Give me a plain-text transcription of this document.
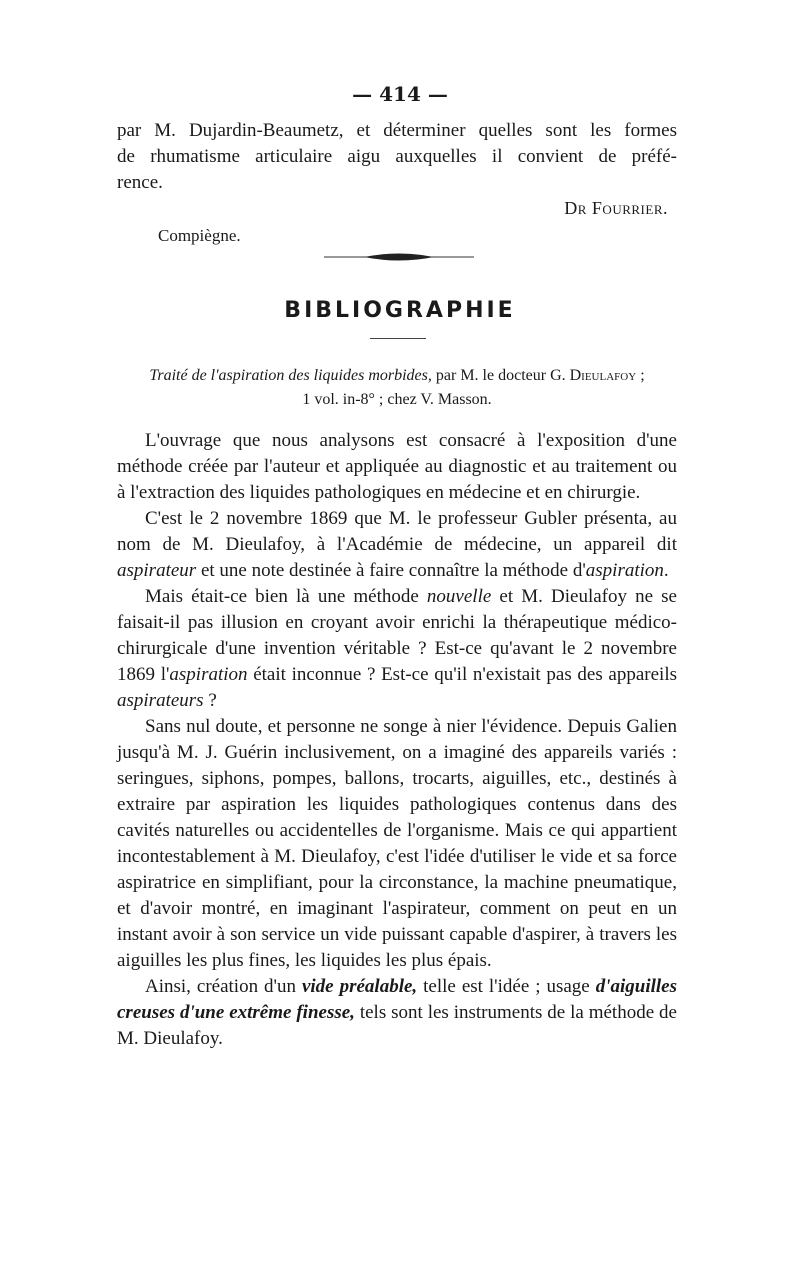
— 414 —

par M. Dujardin-Beaumetz, et déterminer quelles sont les formes

de rhumatisme articulaire aigu auxquelles il convient de préfé-

rence.

Dr Fourrier.
Compiègne.
BIBLIOGRAPHIE
Traité de l'aspiration des liquides morbides, par M. le docteur G. Dieulafoy ;
1 vol. in-8° ; chez V. Masson.

L'ouvrage que nous analysons est consacré à l'exposition d'une méthode créée par l'auteur et appliquée au diagnostic et au traitement ou à l'extraction des liquides pathologiques en médecine et en chirurgie.

C'est le 2 novembre 1869 que M. le professeur Gubler présenta, au nom de M. Dieulafoy, à l'Académie de médecine, un appareil dit aspirateur et une note destinée à faire connaître la méthode d'aspiration.

Mais était-ce bien là une méthode nouvelle et M. Dieulafoy ne se faisait-il pas illusion en croyant avoir enrichi la thérapeutique médico-chirurgicale d'une invention véritable ? Est-ce qu'avant le 2 novembre 1869 l'aspiration était inconnue ? Est-ce qu'il n'existait pas des appareils aspirateurs ?

Sans nul doute, et personne ne songe à nier l'évidence. Depuis Galien jusqu'à M. J. Guérin inclusivement, on a imaginé des appareils variés : seringues, siphons, pompes, ballons, trocarts, aiguilles, etc., destinés à extraire par aspiration les liquides pathologiques contenus dans des cavités naturelles ou accidentelles de l'organisme. Mais ce qui appartient incontestablement à M. Dieulafoy, c'est l'idée d'utiliser le vide et sa force aspiratrice en simplifiant, pour la circonstance, la machine pneumatique, et d'avoir montré, en imaginant l'aspirateur, comment on peut en un instant avoir à son service un vide puissant capable d'aspirer, à travers les aiguilles les plus fines, les liquides les plus épais.

Ainsi, création d'un vide préalable, telle est l'idée ; usage d'aiguilles creuses d'une extrême finesse, tels sont les instruments de la méthode de M. Dieulafoy.
